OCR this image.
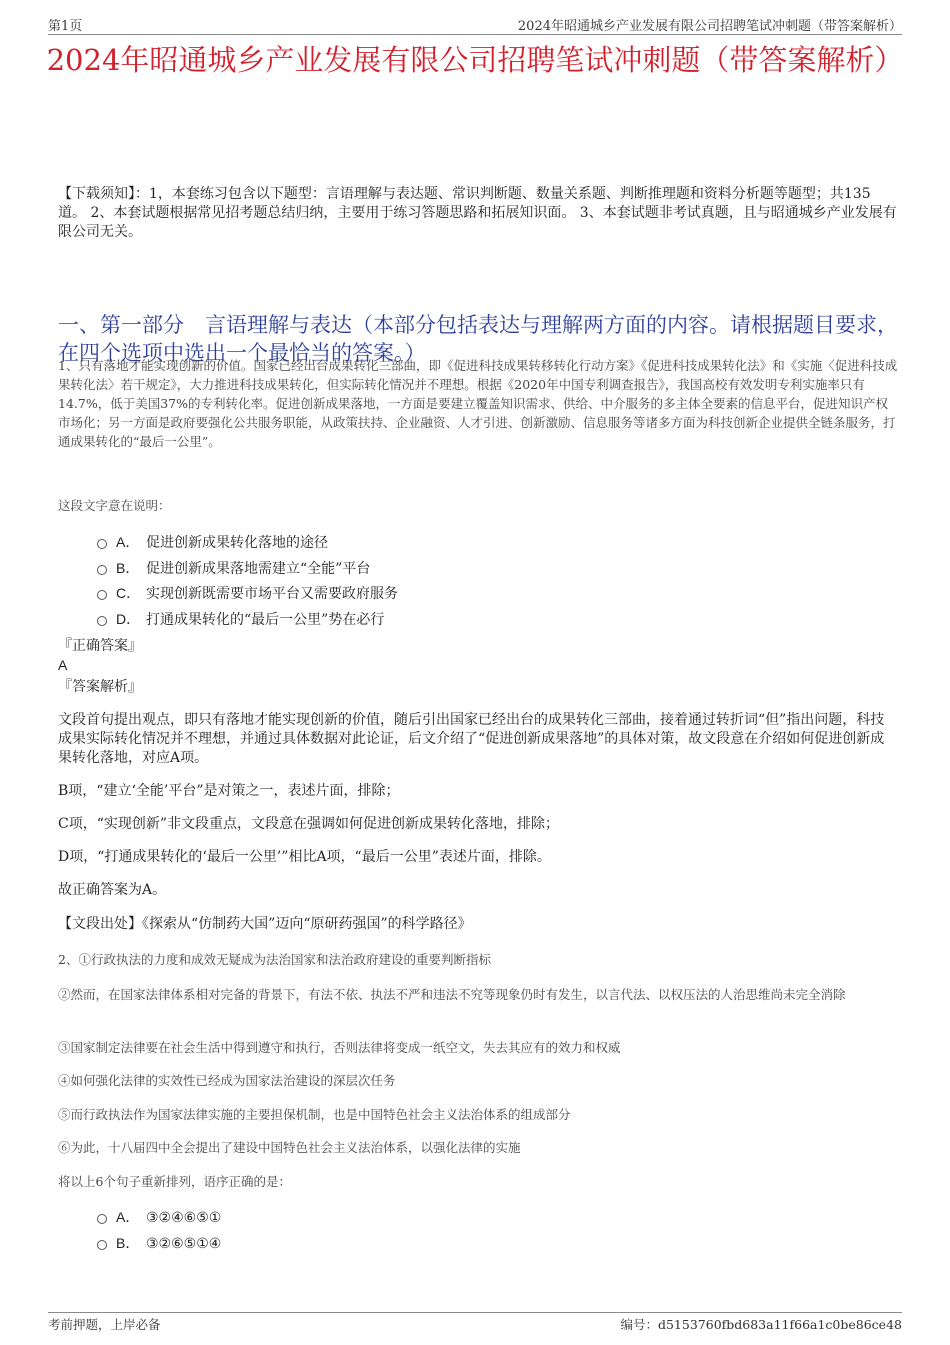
第1页	2024年昭通城乡产业发展有限公司招聘笔试冲刺题（带答案解析）
2024年昭通城乡产业发展有限公司招聘笔试冲刺题（带答案解析）
【下载须知】：1，本套练习包含以下题型：言语理解与表达题、常识判断题、数量关系题、判断推理题和资料分析题等题型；共135道。 2、本套试题根据常见招考题总结归纳，主要用于练习答题思路和拓展知识面。 3、本套试题非考试真题，且与昭通城乡产业发展有限公司无关。
一、第一部分　言语理解与表达（本部分包括表达与理解两方面的内容。请根据题目要求，在四个选项中选出一个最恰当的答案。）
1、只有落地才能实现创新的价值。国家已经出台成果转化三部曲，即《促进科技成果转移转化行动方案》《促进科技成果转化法》和《实施〈促进科技成果转化法〉若干规定》，大力推进科技成果转化，但实际转化情况并不理想。根据《2020年中国专利调查报告》，我国高校有效发明专利实施率只有14.7%，低于美国37%的专利转化率。促进创新成果落地，一方面是要建立覆盖知识需求、供给、中介服务的多主体全要素的信息平台，促进知识产权市场化；另一方面是政府要强化公共服务职能，从政策扶持、企业融资、人才引进、创新激励、信息服务等诸多方面为科技创新企业提供全链条服务，打通成果转化的“最后一公里”。
这段文字意在说明：
A． 促进创新成果转化落地的途径
B． 促进创新成果落地需建立“全能”平台
C． 实现创新既需要市场平台又需要政府服务
D． 打通成果转化的“最后一公里”势在必行
『正确答案』
A
『答案解析』
文段首句提出观点，即只有落地才能实现创新的价值，随后引出国家已经出台的成果转化三部曲，接着通过转折词“但”指出问题，科技成果实际转化情况并不理想，并通过具体数据对此论证，后文介绍了“促进创新成果落地”的具体对策，故文段意在介绍如何促进创新成果转化落地，对应A项。
B项，“建立‘全能’平台”是对策之一，表述片面，排除；
C项，“实现创新”非文段重点，文段意在强调如何促进创新成果转化落地，排除；
D项，“打通成果转化的‘最后一公里’”相比A项，“最后一公里”表述片面，排除。
故正确答案为A。
【文段出处】《探索从“仿制药大国”迈向“原研药强国”的科学路径》
2、①行政执法的力度和成效无疑成为法治国家和法治政府建设的重要判断指标
②然而，在国家法律体系相对完备的背景下，有法不依、执法不严和违法不究等现象仍时有发生，以言代法、以权压法的人治思维尚未完全消除
③国家制定法律要在社会生活中得到遵守和执行，否则法律将变成一纸空文，失去其应有的效力和权威
④如何强化法律的实效性已经成为国家法治建设的深层次任务
⑤而行政执法作为国家法律实施的主要担保机制，也是中国特色社会主义法治体系的组成部分
⑥为此，十八届四中全会提出了建设中国特色社会主义法治体系，以强化法律的实施
将以上6个句子重新排列，语序正确的是：
A． ③②④⑥⑤①
B． ③②⑥⑤①④
考前押题，上岸必备	编号：d5153760fbd683a11f66a1c0be86ce48
